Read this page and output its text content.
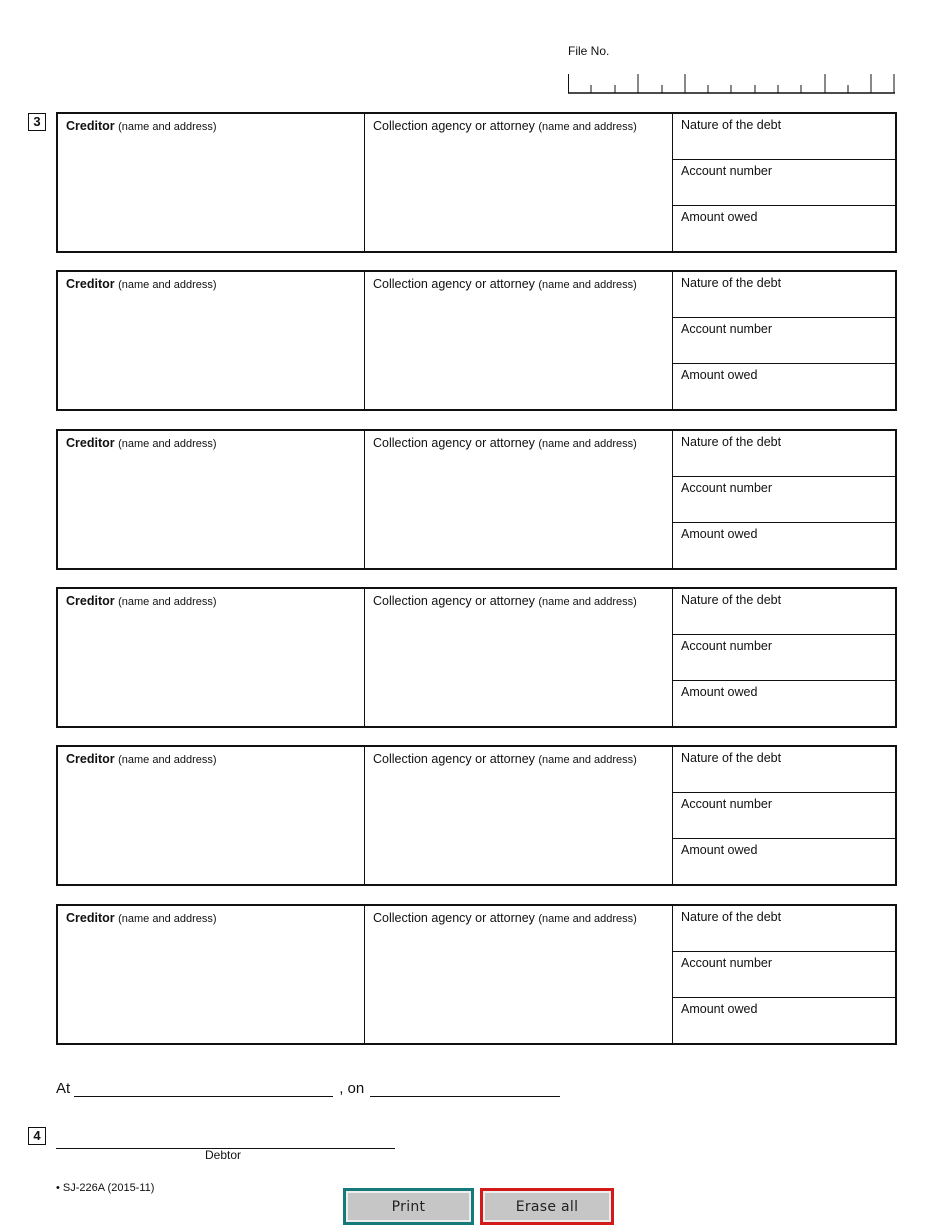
File No.
3	Creditor (name and address)	Collection agency or attorney (name and address)	Nature of the debt
Account number
Amount owed
Creditor (name and address)	Collection agency or attorney (name and address)	Nature of the debt
Account number
Amount owed
Creditor (name and address)	Collection agency or attorney (name and address)	Nature of the debt
Account number
Amount owed
Creditor (name and address)	Collection agency or attorney (name and address)	Nature of the debt
Account number
Amount owed
Creditor (name and address)	Collection agency or attorney (name and address)	Nature of the debt
Account number
Amount owed
Creditor (name and address)	Collection agency or attorney (name and address)	Nature of the debt
Account number
Amount owed
At	, on
4
Debtor
• SJ-226A (2015-11)
Print	Erase all
